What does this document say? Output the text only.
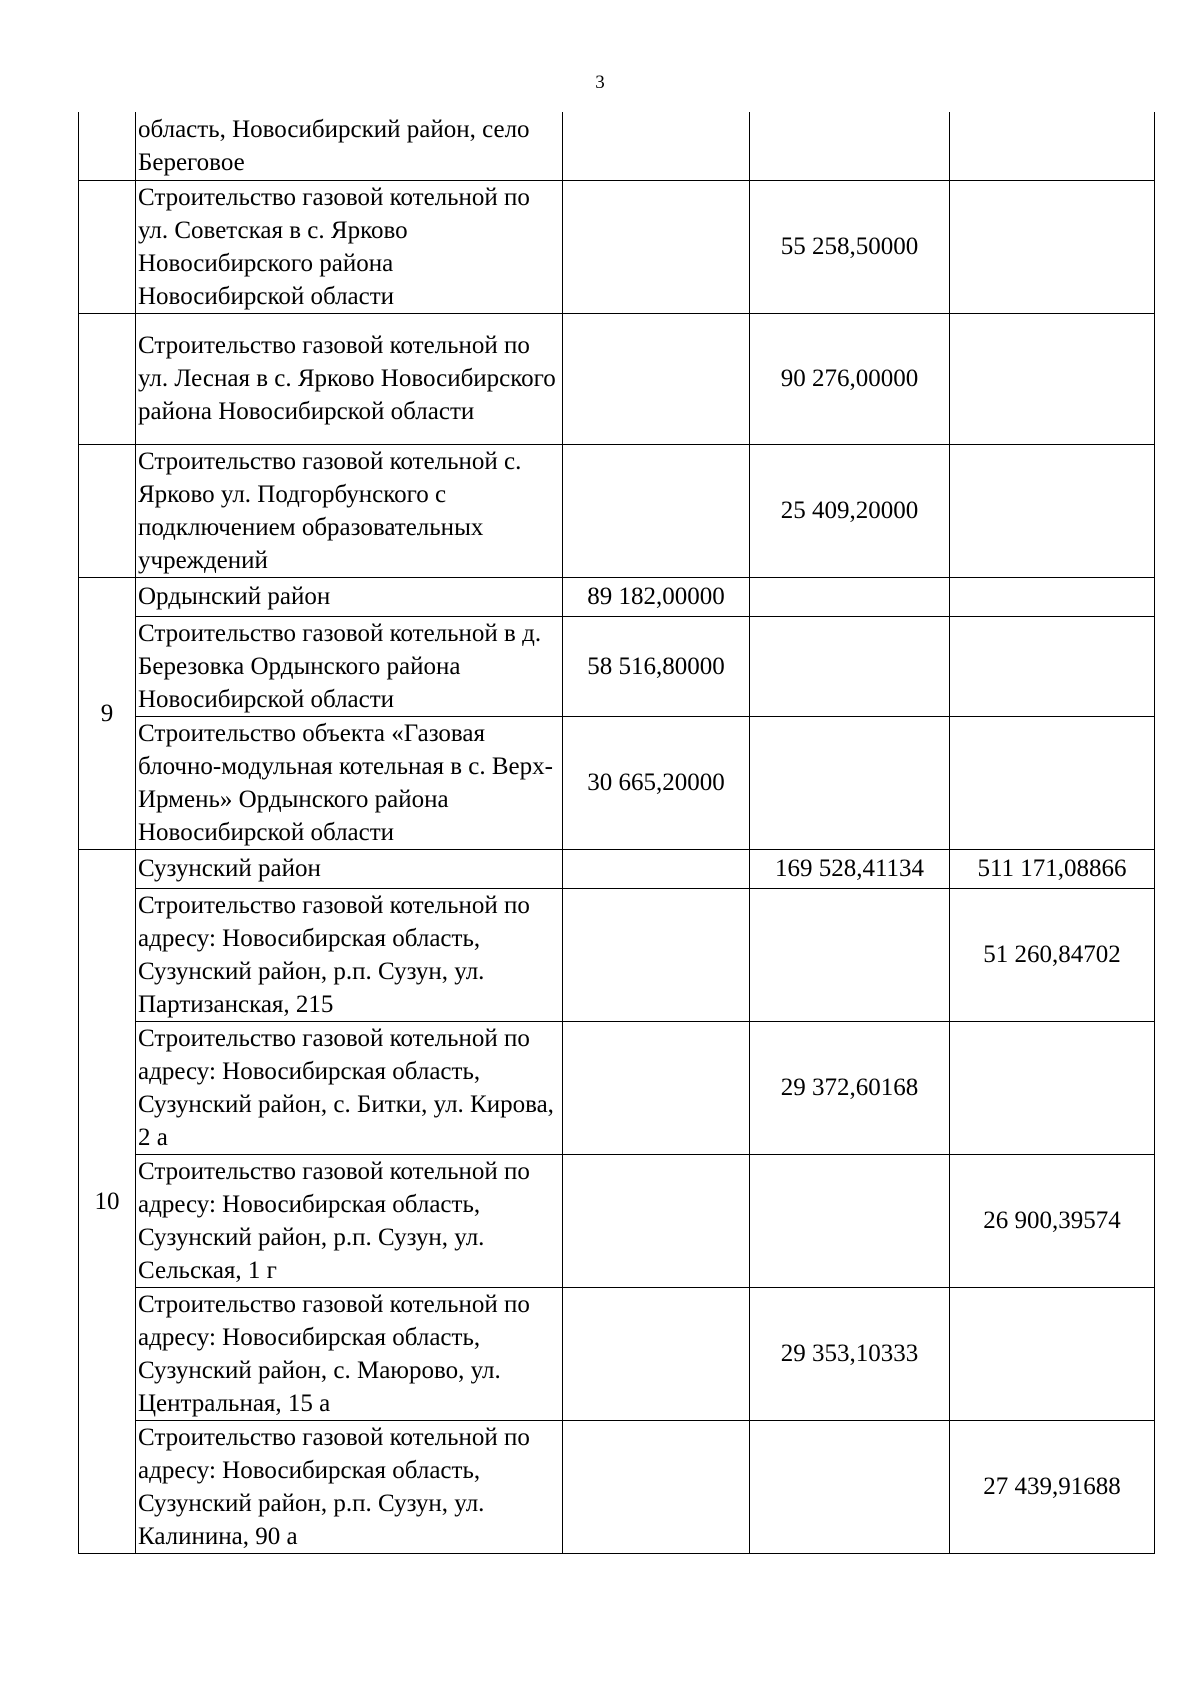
3
	область, Новосибирский район, село Береговое			
	Строительство газовой котельной по ул. Советская в с. Ярково Новосибирского района Новосибирской области		55 258,50000	
	Строительство газовой котельной по ул. Лесная в с. Ярково Новосибирского района Новосибирской области		90 276,00000	
	Строительство газовой котельной с. Ярково ул. Подгорбунского с подключением образовательных учреждений		25 409,20000	
9	Ордынский район	89 182,00000		
	Строительство газовой котельной в д. Березовка Ордынского района Новосибирской области	58 516,80000		
	Строительство объекта «Газовая блочно-модульная котельная в с. Верх-Ирмень» Ордынского района Новосибирской области	30 665,20000		
10	Сузунский район		169 528,41134	511 171,08866
	Строительство газовой котельной по адресу: Новосибирская область, Сузунский район, р.п. Сузун, ул. Партизанская, 215			51 260,84702
	Строительство газовой котельной по адресу: Новосибирская область, Сузунский район, с. Битки, ул. Кирова, 2 а		29 372,60168	
	Строительство газовой котельной по адресу: Новосибирская область, Сузунский район, р.п. Сузун, ул. Сельская, 1 г			26 900,39574
	Строительство газовой котельной по адресу: Новосибирская область, Сузунский район, с. Маюрово, ул. Центральная, 15 а		29 353,10333	
	Строительство газовой котельной по адресу: Новосибирская область, Сузунский район, р.п. Сузун, ул. Калинина, 90 а			27 439,91688
